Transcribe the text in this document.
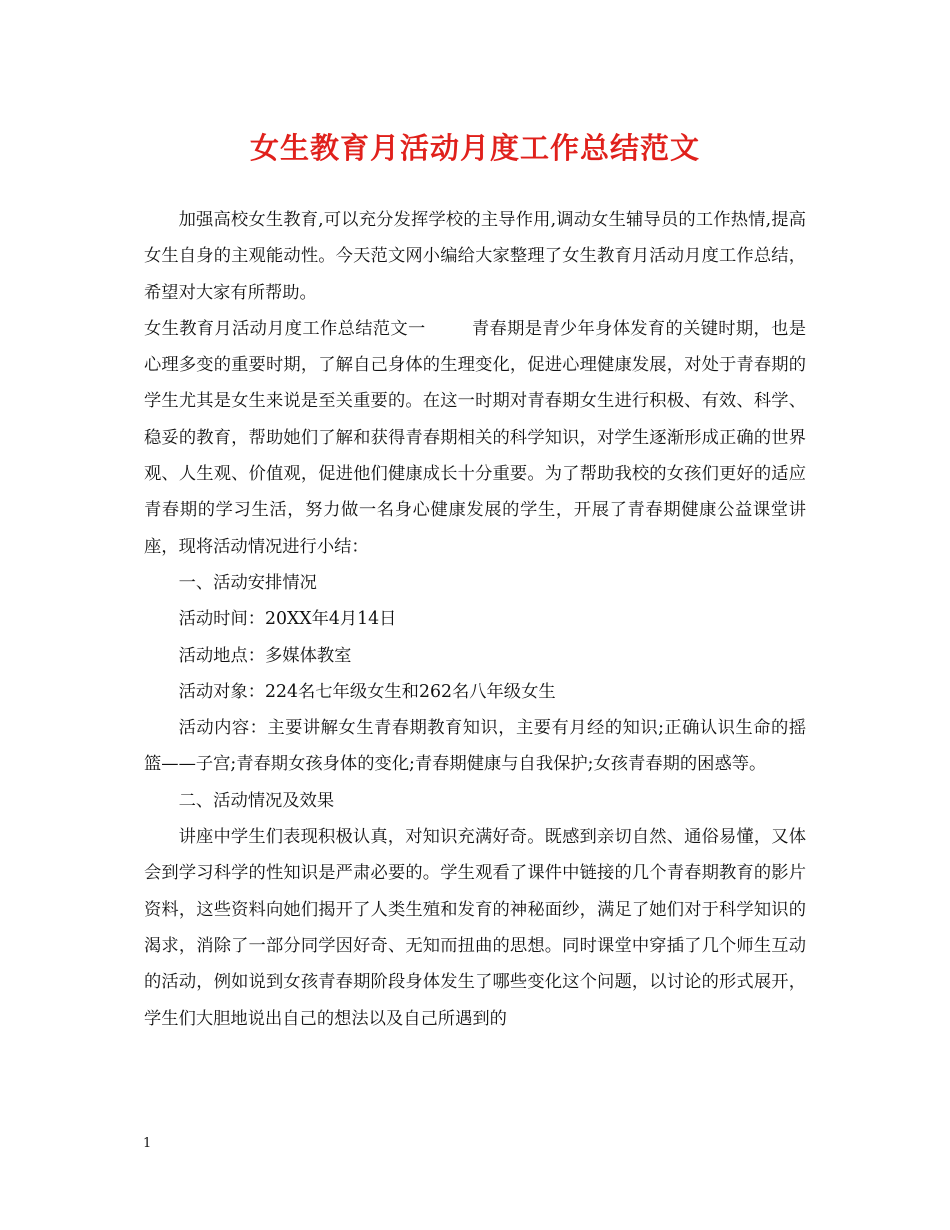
女生教育月活动月度工作总结范文

加强高校女生教育,可以充分发挥学校的主导作用,调动女生辅导员的工作热情,提高女生自身的主观能动性。今天范文网小编给大家整理了女生教育月活动月度工作总结，希望对大家有所帮助。

女生教育月活动月度工作总结范文一	青春期是青少年身体发育的关键时期，也是心理多变的重要时期，了解自己身体的生理变化，促进心理健康发展，对处于青春期的学生尤其是女生来说是至关重要的。在这一时期对青春期女生进行积极、有效、科学、稳妥的教育，帮助她们了解和获得青春期相关的科学知识，对学生逐渐形成正确的世界观、人生观、价值观，促进他们健康成长十分重要。为了帮助我校的女孩们更好的适应青春期的学习生活，努力做一名身心健康发展的学生，开展了青春期健康公益课堂讲座，现将活动情况进行小结：

一、活动安排情况

活动时间：20XX年4月14日

活动地点：多媒体教室

活动对象：224名七年级女生和262名八年级女生

活动内容：主要讲解女生青春期教育知识，主要有月经的知识;正确认识生命的摇篮——子宫;青春期女孩身体的变化;青春期健康与自我保护;女孩青春期的困惑等。

二、活动情况及效果

讲座中学生们表现积极认真，对知识充满好奇。既感到亲切自然、通俗易懂，又体会到学习科学的性知识是严肃必要的。学生观看了课件中链接的几个青春期教育的影片资料，这些资料向她们揭开了人类生殖和发育的神秘面纱，满足了她们对于科学知识的渴求，消除了一部分同学因好奇、无知而扭曲的思想。同时课堂中穿插了几个师生互动的活动，例如说到女孩青春期阶段身体发生了哪些变化这个问题，以讨论的形式展开，学生们大胆地说出自己的想法以及自己所遇到的

1
